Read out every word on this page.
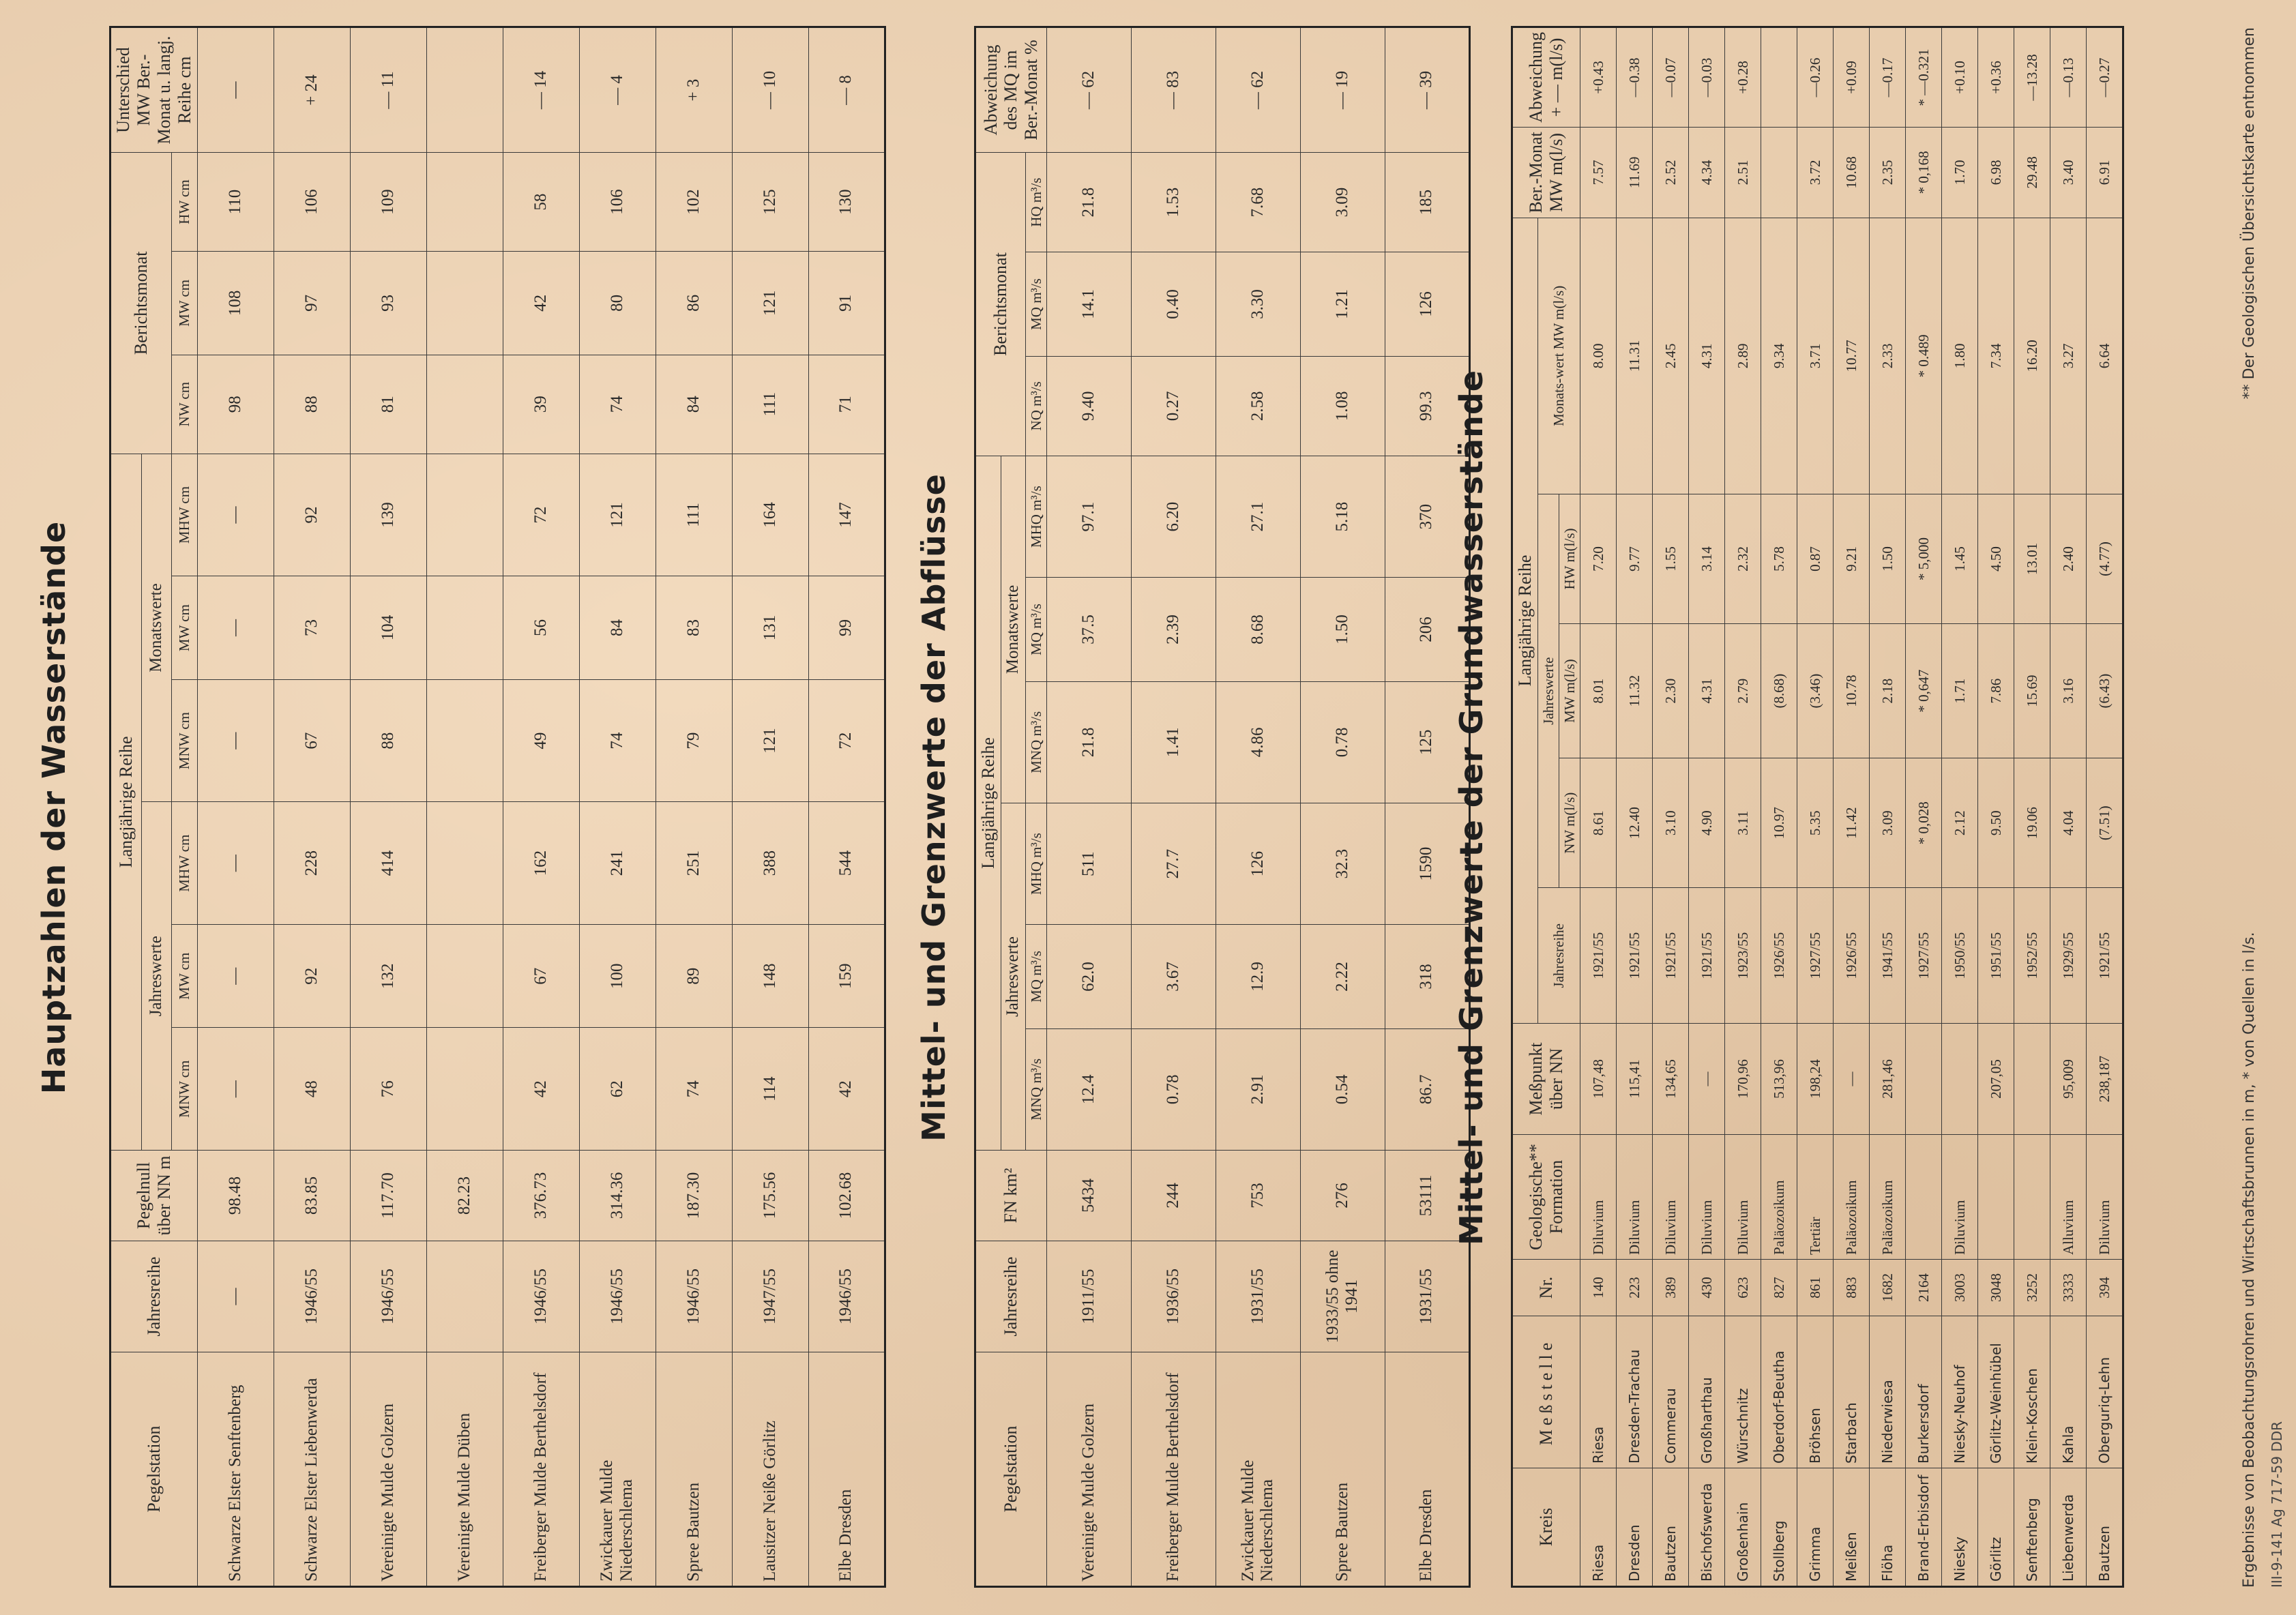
Hauptzahlen der Wasserstände
Pegelstation	Jahresreihe	Pegelnull über NN m	Langjährige Reihe						Berichtsmonat			Unterschied MW Ber.-Monat u. langj. Reihe cm
			Jahreswerte			Monatswerte						
			MNW cm	MW cm	MHW cm	MNW cm	MW cm	MHW cm	NW cm	MW cm	HW cm	
Schwarze Elster Senftenberg	—	98.48	—	—	—	—	—	—	98	108	110	—
Schwarze Elster Liebenwerda	1946/55	83.85	48	92	228	67	73	92	88	97	106	+ 24
Vereinigte Mulde Golzern	1946/55	117.70	76	132	414	88	104	139	81	93	109	— 11
Vereinigte Mulde Düben		82.23										
Freiberger Mulde Berthelsdorf	1946/55	376.73	42	67	162	49	56	72	39	42	58	— 14
Zwickauer Mulde Niederschlema	1946/55	314.36	62	100	241	74	84	121	74	80	106	— 4
Spree Bautzen	1946/55	187.30	74	89	251	79	83	111	84	86	102	+ 3
Lausitzer Neiße Görlitz	1947/55	175.56	114	148	388	121	131	164	111	121	125	— 10
Elbe Dresden	1946/55	102.68	42	159	544	72	99	147	71	91	130	— 8
Mittel- und Grenzwerte der Abflüsse
Pegelstation	Jahresreihe	FN km²	Langjährige Reihe						Berichtsmonat			Abweichung des MQ im Ber.-Monat %
			Jahreswerte			Monatswerte						
			MNQ m³/s	MQ m³/s	MHQ m³/s	MNQ m³/s	MQ m³/s	MHQ m³/s	NQ m³/s	MQ m³/s	HQ m³/s	
Vereinigte Mulde Golzern	1911/55	5434	12.4	62.0	511	21.8	37.5	97.1	9.40	14.1	21.8	— 62
Freiberger Mulde Berthelsdorf	1936/55	244	0.78	3.67	27.7	1.41	2.39	6.20	0.27	0.40	1.53	— 83
Zwickauer Mulde Niederschlema	1931/55	753	2.91	12.9	126	4.86	8.68	27.1	2.58	3.30	7.68	— 62
Spree Bautzen	1933/55 ohne 1941	276	0.54	2.22	32.3	0.78	1.50	5.18	1.08	1.21	3.09	— 19
Elbe Dresden	1931/55	53111	86.7	318	1590	125	206	370	99.3	126	185	— 39
Mittel- und Grenzwerte der Grundwasserstände
Kreis	Meßstelle	Nr.	Geologische** Formation	Meßpunkt über NN	Langjährige Reihe					Ber.-Monat MW m(l/s)	Abweichung + — m(l/s)
					Jahresreihe	Jahreswerte			Monats-wert MW m(l/s)		
						NW m(l/s)	MW m(l/s)	HW m(l/s)			
Riesa	Riesa	140	Diluvium	107,48	1921/55	8.61	8.01	7.20	8.00	7.57	+0.43
Dresden	Dresden-Trachau	223	Diluvium	115,41	1921/55	12.40	11.32	9.77	11.31	11.69	—0.38
Bautzen	Commerau	389	Diluvium	134,65	1921/55	3.10	2.30	1.55	2.45	2.52	—0.07
Bischofswerda	Großharthau	430	Diluvium	—	1921/55	4.90	4.31	3.14	4.31	4.34	—0.03
Großenhain	Würschnitz	623	Diluvium	170,96	1923/55	3.11	2.79	2.32	2.89	2.51	+0.28
Stollberg	Oberdorf-Beutha	827	Paläozoikum	513,96	1926/55	10.97	(8.68)	5.78	9.34		
Grimma	Bröhsen	861	Tertiär	198,24	1927/55	5.35	(3.46)	0.87	3.71	3.72	—0.26
Meißen	Starbach	883	Paläozoikum	—	1926/55	11.42	10.78	9.21	10.77	10.68	+0.09
Flöha	Niederwiesa	1682	Paläozoikum	281,46	1941/55	3.09	2.18	1.50	2.33	2.35	—0.17
Brand-Erbisdorf	Burkersdorf	2164			1927/55	* 0,028	* 0,647	* 5,000	* 0.489	* 0,168	* —0.321
Niesky	Niesky-Neuhof	3003	Diluvium		1950/55	2.12	1.71	1.45	1.80	1.70	+0.10
Görlitz	Görlitz-Weinhübel	3048		207,05	1951/55	9.50	7.86	4.50	7.34	6.98	+0.36
Senftenberg	Klein-Koschen	3252			1952/55	19.06	15.69	13.01	16.20	29.48	—13.28
Liebenwerda	Kahla	3333	Alluvium	95,009	1929/55	4.04	3.16	2.40	3.27	3.40	—0.13
Bautzen	Oberguriq-Lehn	394	Diluvium	238,187	1921/55	(7.51)	(6.43)	(4.77)	6.64	6.91	—0.27
Ergebnisse von Beobachtungsrohren und Wirtschaftsbrunnen in m, * von Quellen in l/s.
** Der Geologischen Übersichtskarte entnommen
III-9-141 Ag 717-59 DDR
